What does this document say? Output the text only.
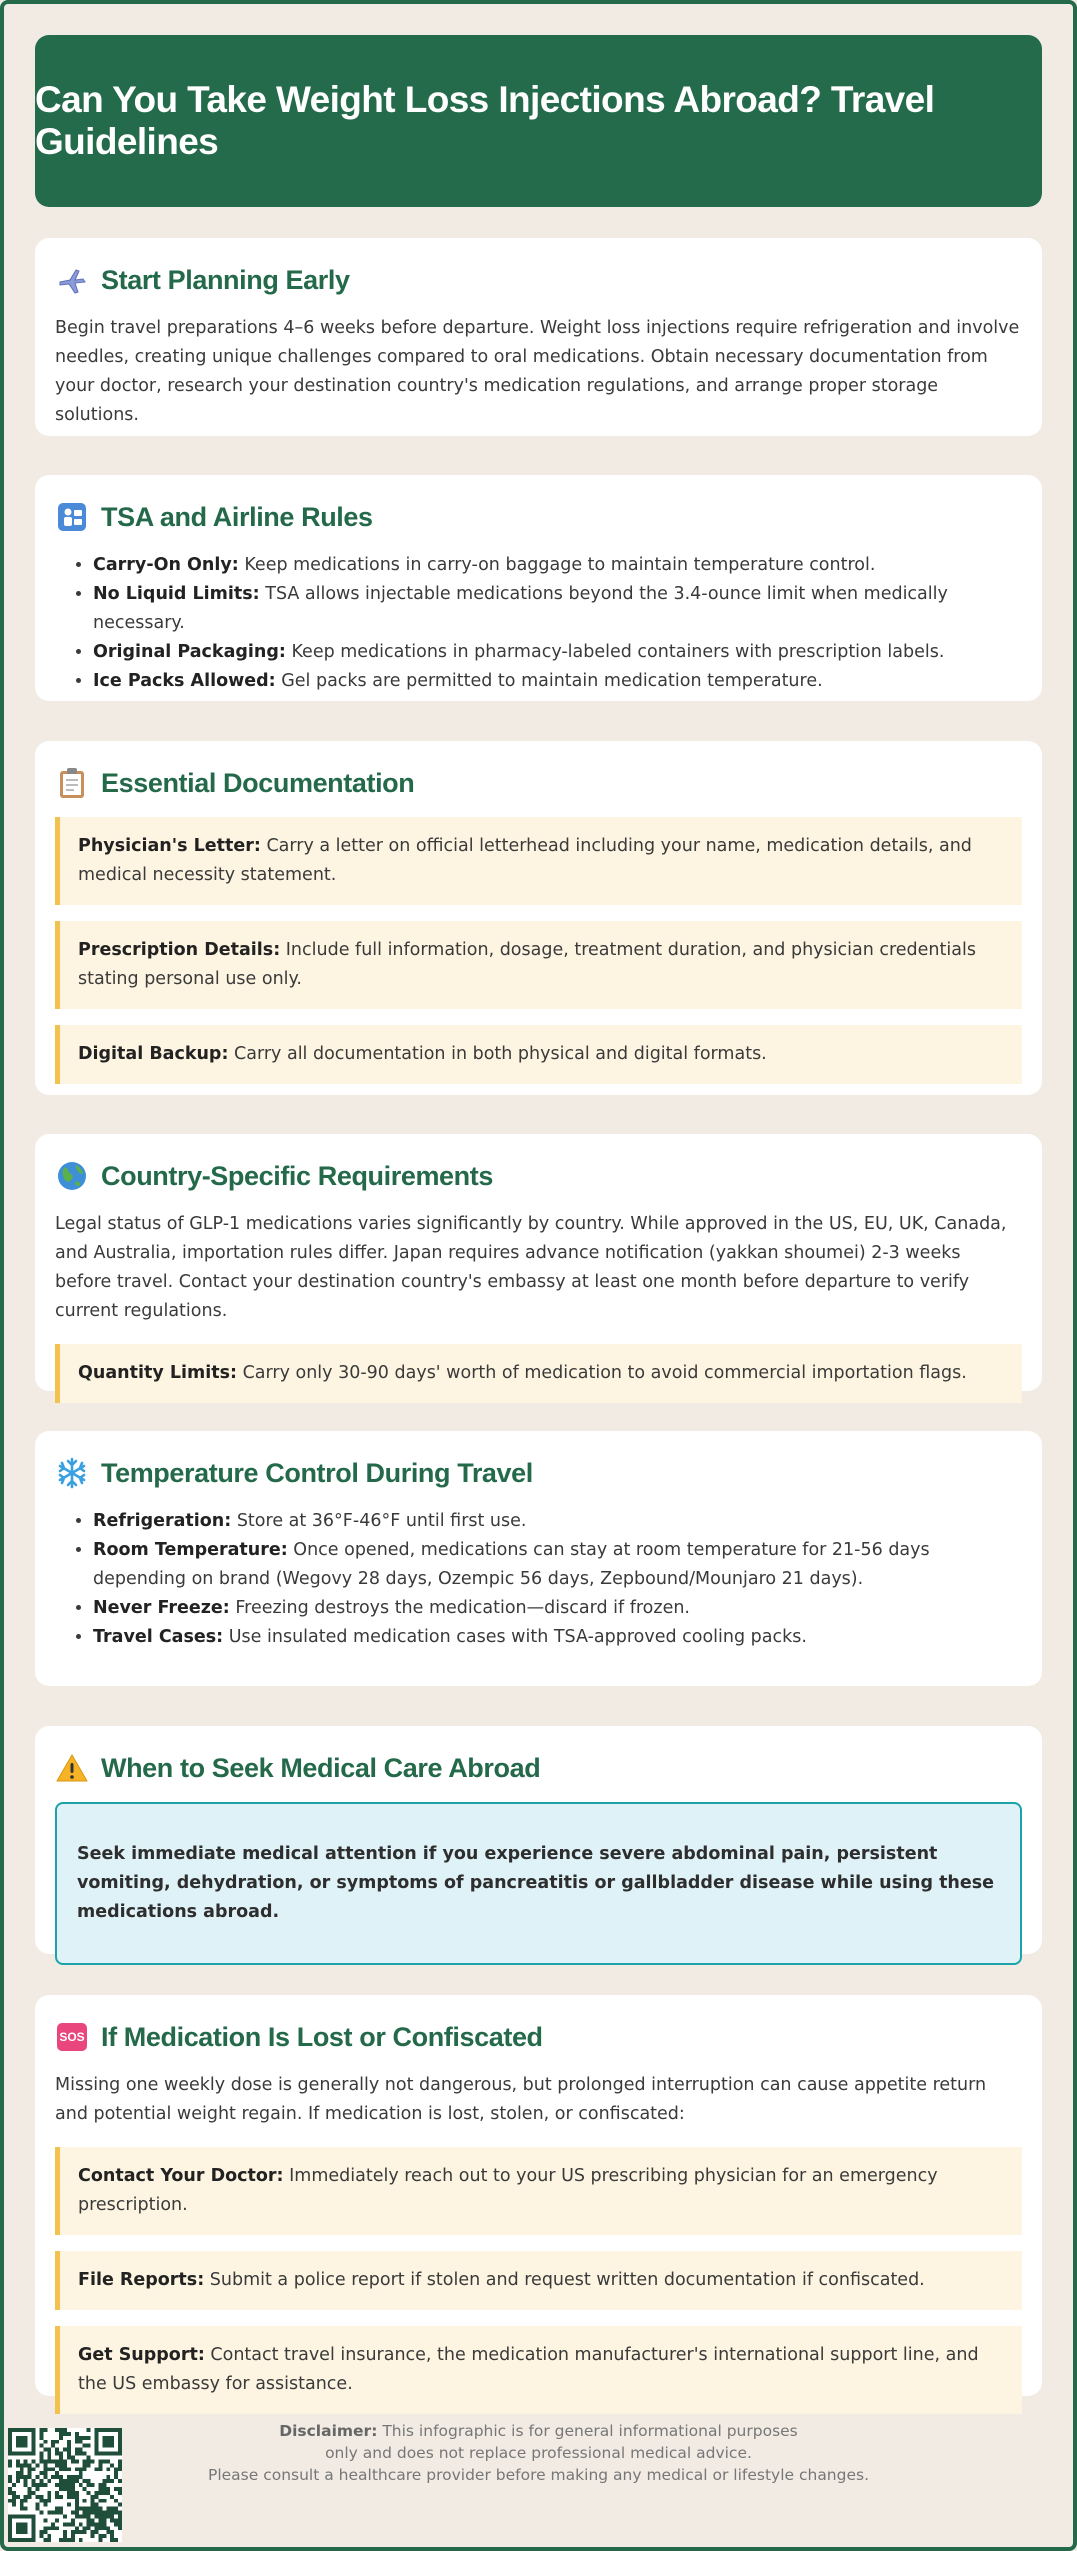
Can You Take Weight Loss Injections Abroad? Travel Guidelines
Start Planning Early

Begin travel preparations 4–6 weeks before departure. Weight loss injections require refrigeration and involve needles, creating unique challenges compared to oral medications. Obtain necessary documentation from your doctor, research your destination country's medication regulations, and arrange proper storage solutions.

TSA and Airline Rules
• Carry-On Only: Keep medications in carry-on baggage to maintain temperature control.
• No Liquid Limits: TSA allows injectable medications beyond the 3.4-ounce limit when medically necessary.
• Original Packaging: Keep medications in pharmacy-labeled containers with prescription labels.
• Ice Packs Allowed: Gel packs are permitted to maintain medication temperature.
Essential Documentation
Physician's Letter: Carry a letter on official letterhead including your name, medication details, and medical necessity statement.
Prescription Details: Include full information, dosage, treatment duration, and physician credentials stating personal use only.
Digital Backup: Carry all documentation in both physical and digital formats.
Country-Specific Requirements

Legal status of GLP-1 medications varies significantly by country. While approved in the US, EU, UK, Canada, and Australia, importation rules differ. Japan requires advance notification (yakkan shoumei) 2-3 weeks before travel. Contact your destination country's embassy at least one month before departure to verify current regulations.

Quantity Limits: Carry only 30-90 days' worth of medication to avoid commercial importation flags.
Temperature Control During Travel
• Refrigeration: Store at 36°F-46°F until first use.
• Room Temperature: Once opened, medications can stay at room temperature for 21-56 days depending on brand (Wegovy 28 days, Ozempic 56 days, Zepbound/Mounjaro 21 days).
• Never Freeze: Freezing destroys the medication—discard if frozen.
• Travel Cases: Use insulated medication cases with TSA-approved cooling packs.
When to Seek Medical Care Abroad
Seek immediate medical attention if you experience severe abdominal pain, persistent vomiting, dehydration, or symptoms of pancreatitis or gallbladder disease while using these medications abroad.
SOS If Medication Is Lost or Confiscated

Missing one weekly dose is generally not dangerous, but prolonged interruption can cause appetite return and potential weight regain. If medication is lost, stolen, or confiscated:

Contact Your Doctor: Immediately reach out to your US prescribing physician for an emergency prescription.
File Reports: Submit a police report if stolen and request written documentation if confiscated.
Get Support: Contact travel insurance, the medication manufacturer's international support line, and the US embassy for assistance.
Disclaimer: This infographic is for general informational purposes
only and does not replace professional medical advice.
Please consult a healthcare provider before making any medical or lifestyle changes.
